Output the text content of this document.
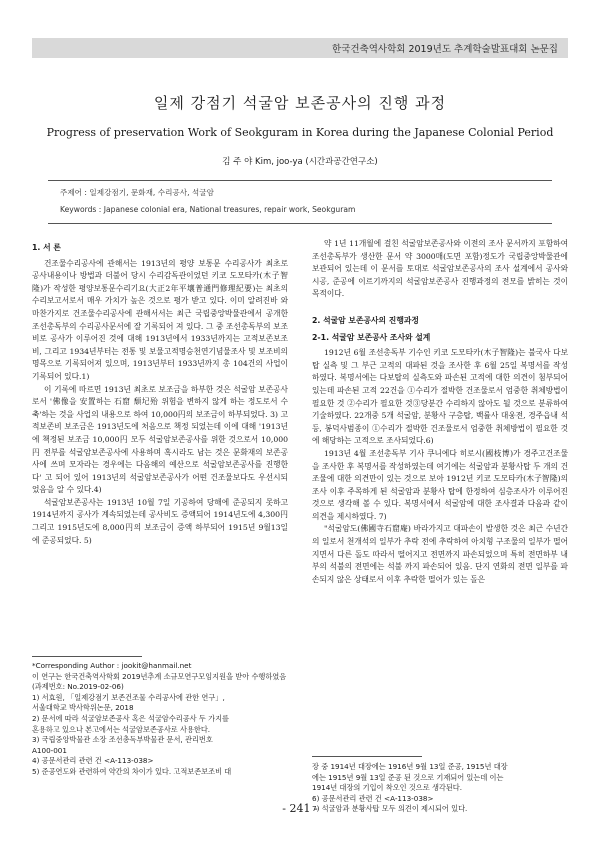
한국건축역사학회 2019년도 추계학술발표대회 논문집
일제 강점기 석굴암 보존공사의 진행 과정
Progress of preservation Work of Seokguram in Korea during the Japanese Colonial Period
김 주 야 Kim, joo-ya (시간과공간연구소)
주제어 : 일제강점기, 문화재, 수리공사, 석굴암
Keywords : Japanese colonial era, National treasures, repair work, Seokguram
1. 서 론

건조물수리공사에 관해서는 1913년의 평양 보통문 수리공사가 최초로 공사내용이나 방법과 더불어 당시 수리감독관이었던 키코 도모타카(木子智隆)가 작성한 평양보통문수리기요(大正2年平壤普通門修理紀要)는 최초의 수리보고서로서 매우 가치가 높은 것으로 평가 받고 있다. 이미 알려진바 와 마찬가지로 건조물수리공사에 관해서서는 최근 국립중앙박물관에서 공개한 조선총독부의 수리공사문서에 잘 기록되어 져 있다. 그 중 조선총독부의 보조비로 공사가 이루어진 것에 대해 1913년에서 1933년까지는 고적보존보조비, 그리고 1934년부터는 전통 및 보물고적명승천연기념물조사 및 보조비의 명목으로 기록되어져 있으며, 1913년부터 1933년까지 총 104건의 사업이 기록되어 있다.1)

이 기록에 따르면 1913년 최초로 보조금을 하부한 것은 석굴암 보존공사로서 '佛像을 安置하는 石窟 頹圮殆 위험을 변하지 않게 하는 정도로서 수축'하는 것을 사업의 내용으로 하여 10,000円의 보조금이 하부되었다. 3) 고적보존비 보조금은 1913년도에 처음으로 책정 되었는데 이에 대해 '1913년에 책정된 보조금 10,000円 모두 석굴암보존공사를 위한 것으로서 10,000円 전부를 석굴암보존공사에 사용하며 혹시라도 남는 것은 문화재의 보존공사에 쓰며 모자라는 경우에는 다음해의 예산으로 석굴암보존공사를 진행한다' 고 되어 있어 1913년의 석굴암보존공사가 어떤 건조물보다도 우선시되었음을 알 수 있다.4)

석굴암보존공사는 1913년 10월 7일 기공하여 당해에 준공되지 못하고 1914년까지 공사가 계속되었는데 공사비도 증액되어 1914년도에 4,300円 그리고 1915년도에 8,000円의 보조금이 증액 하부되어 1915년 9월13일에 준공되었다. 5)

약 1년 11개월에 걸친 석굴암보존공사와 이전의 조사 문서까지 포함하여 조선총독부가 생산한 문서 약 3000매(도면 포함)정도가 국립중앙박물관에 보관되어 있는데 이 문서를 토대로 석굴암보존공사의 조사 설계에서 공사와 시공, 준공에 이르기까지의 석굴암보존공사 진행과정의 전모를 밝히는 것이 목적이다.

2. 석굴암 보존공사의 진행과정
2-1. 석굴암 보존공사 조사와 설계

1912년 6월 조선총독부 기수인 키코 도모타카(木子智隆)는 불국사 다보탑 실측 및 그 부근 고적의 대파된 것을 조사한 후 6월 25일 복명서를 작성 하였다. 복명서에는 다보탑의 실측도와 파손된 고적에 대한 의견이 첨부되어 있는데 파손된 고적 22건을 ①수리가 절박한 건조물로서 엄중한 취체방법이 필요한 것 ②수리가 필요한 것③당분간 수리하지 않아도 될 것으로 분류하여 기술하였다. 22개중 5개 석굴암, 분황사 구층탑, 백률사 대웅전, 경주읍내 석등, 봉덕사범종이 ①수리가 절박한 건조물로서 엄중한 취체방법이 필요한 것에 해당하는 고적으로 조사되었다.6)

1913년 4월 조선총독부 기사 쿠니에다 히로시(國枝博)가 경주고건조물을 조사한 후 복명서를 작성하였는데 여기에는 석굴암과 분황사탑 두 개의 건조물에 대한 의견만이 있는 것으로 보아 1912년 키코 도모타카(木子智隆)의 조사 이후 주목하게 된 석굴암과 분황사 탑에 한정하여 심층조사가 이루어진 것으로 생각해 볼 수 있다. 복명서에서 석굴암에 대한 조사결과 다음과 같이 의견을 제시하였다. 7)

"석굴암도(佛國寺石窟庵) 바라가지고 대파손이 발생한 것은 최근 수년간의 일로서 천개석의 일부가 추락 전에 추락하여 아치형 구조물의 일부가 떨어지면서 다른 돌도 따라서 떨어지고 전면까지 파손되었으며 특히 전면하부 내부의 석불의 전면에는 석불 까지 파손되어 있음. 단지 연화의 전면 일부를 파손되지 않은 상태로서 이후 추락한 떨어가 있는 돌은

*Corresponding Author : jookit@hanmail.net

이 연구는 한국건축역사학회 2019년추계 소규모연구모임지원을 받아 수행하였음 (과제번호: No.2019-02-06)

1) 서효원, 「일제강점기 보존건조물 수리공사에 관한 연구」,

서울대학교 박사학위논문, 2018

2) 문서에 따라 석굴암보존공사 혹은 석굴암수리공사 두 가지를

혼용하고 있으나 본고에서는 석굴암보존공사로 사용한다.

3) 국립중앙박물관 소장 조선총독부박물관 문서, 관리번호

A100-001

4) 공문서관리 관련 건 <A-113-038>

5) 준공연도와 관련하여 약간의 차이가 있다. 고적보존보조비 대

장 중 1914년 대장에는 1916년 9월 13일 준공, 1915년 대장

에는 1915년 9월 13일 준공 된 것으로 기재되어 있는데 이는

1914년 대장의 기입이 착오인 것으로 생각된다.

6) 공문서관리 관련 건 <A-113-038>

7) 석굴암과 분황사탑 모두 의견이 제시되어 있다.

- 241 -
